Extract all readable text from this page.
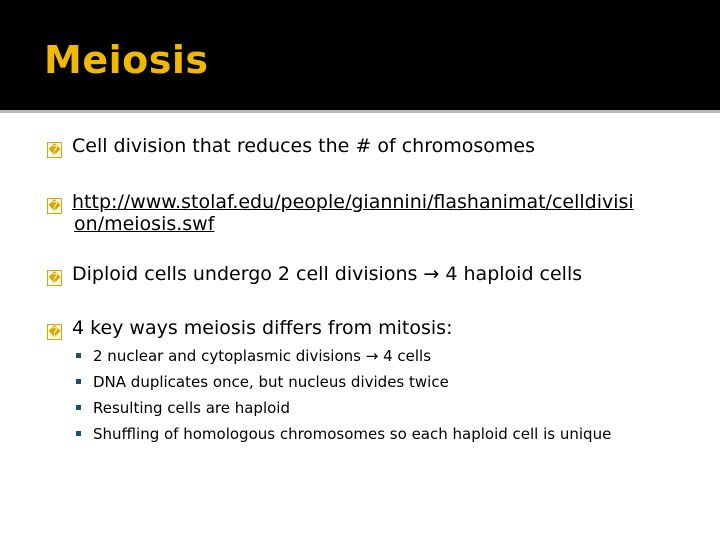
Meiosis
� Cell division that reduces the # of chromosomes
� http://www.stolaf.edu/people/giannini/flashanimat/celldivisi
on/meiosis.swf
� Diploid cells undergo 2 cell divisions → 4 haploid cells
� 4 key ways meiosis differs from mitosis:
2 nuclear and cytoplasmic divisions → 4 cells
DNA duplicates once, but nucleus divides twice
Resulting cells are haploid
Shuffling of homologous chromosomes so each haploid cell is unique
